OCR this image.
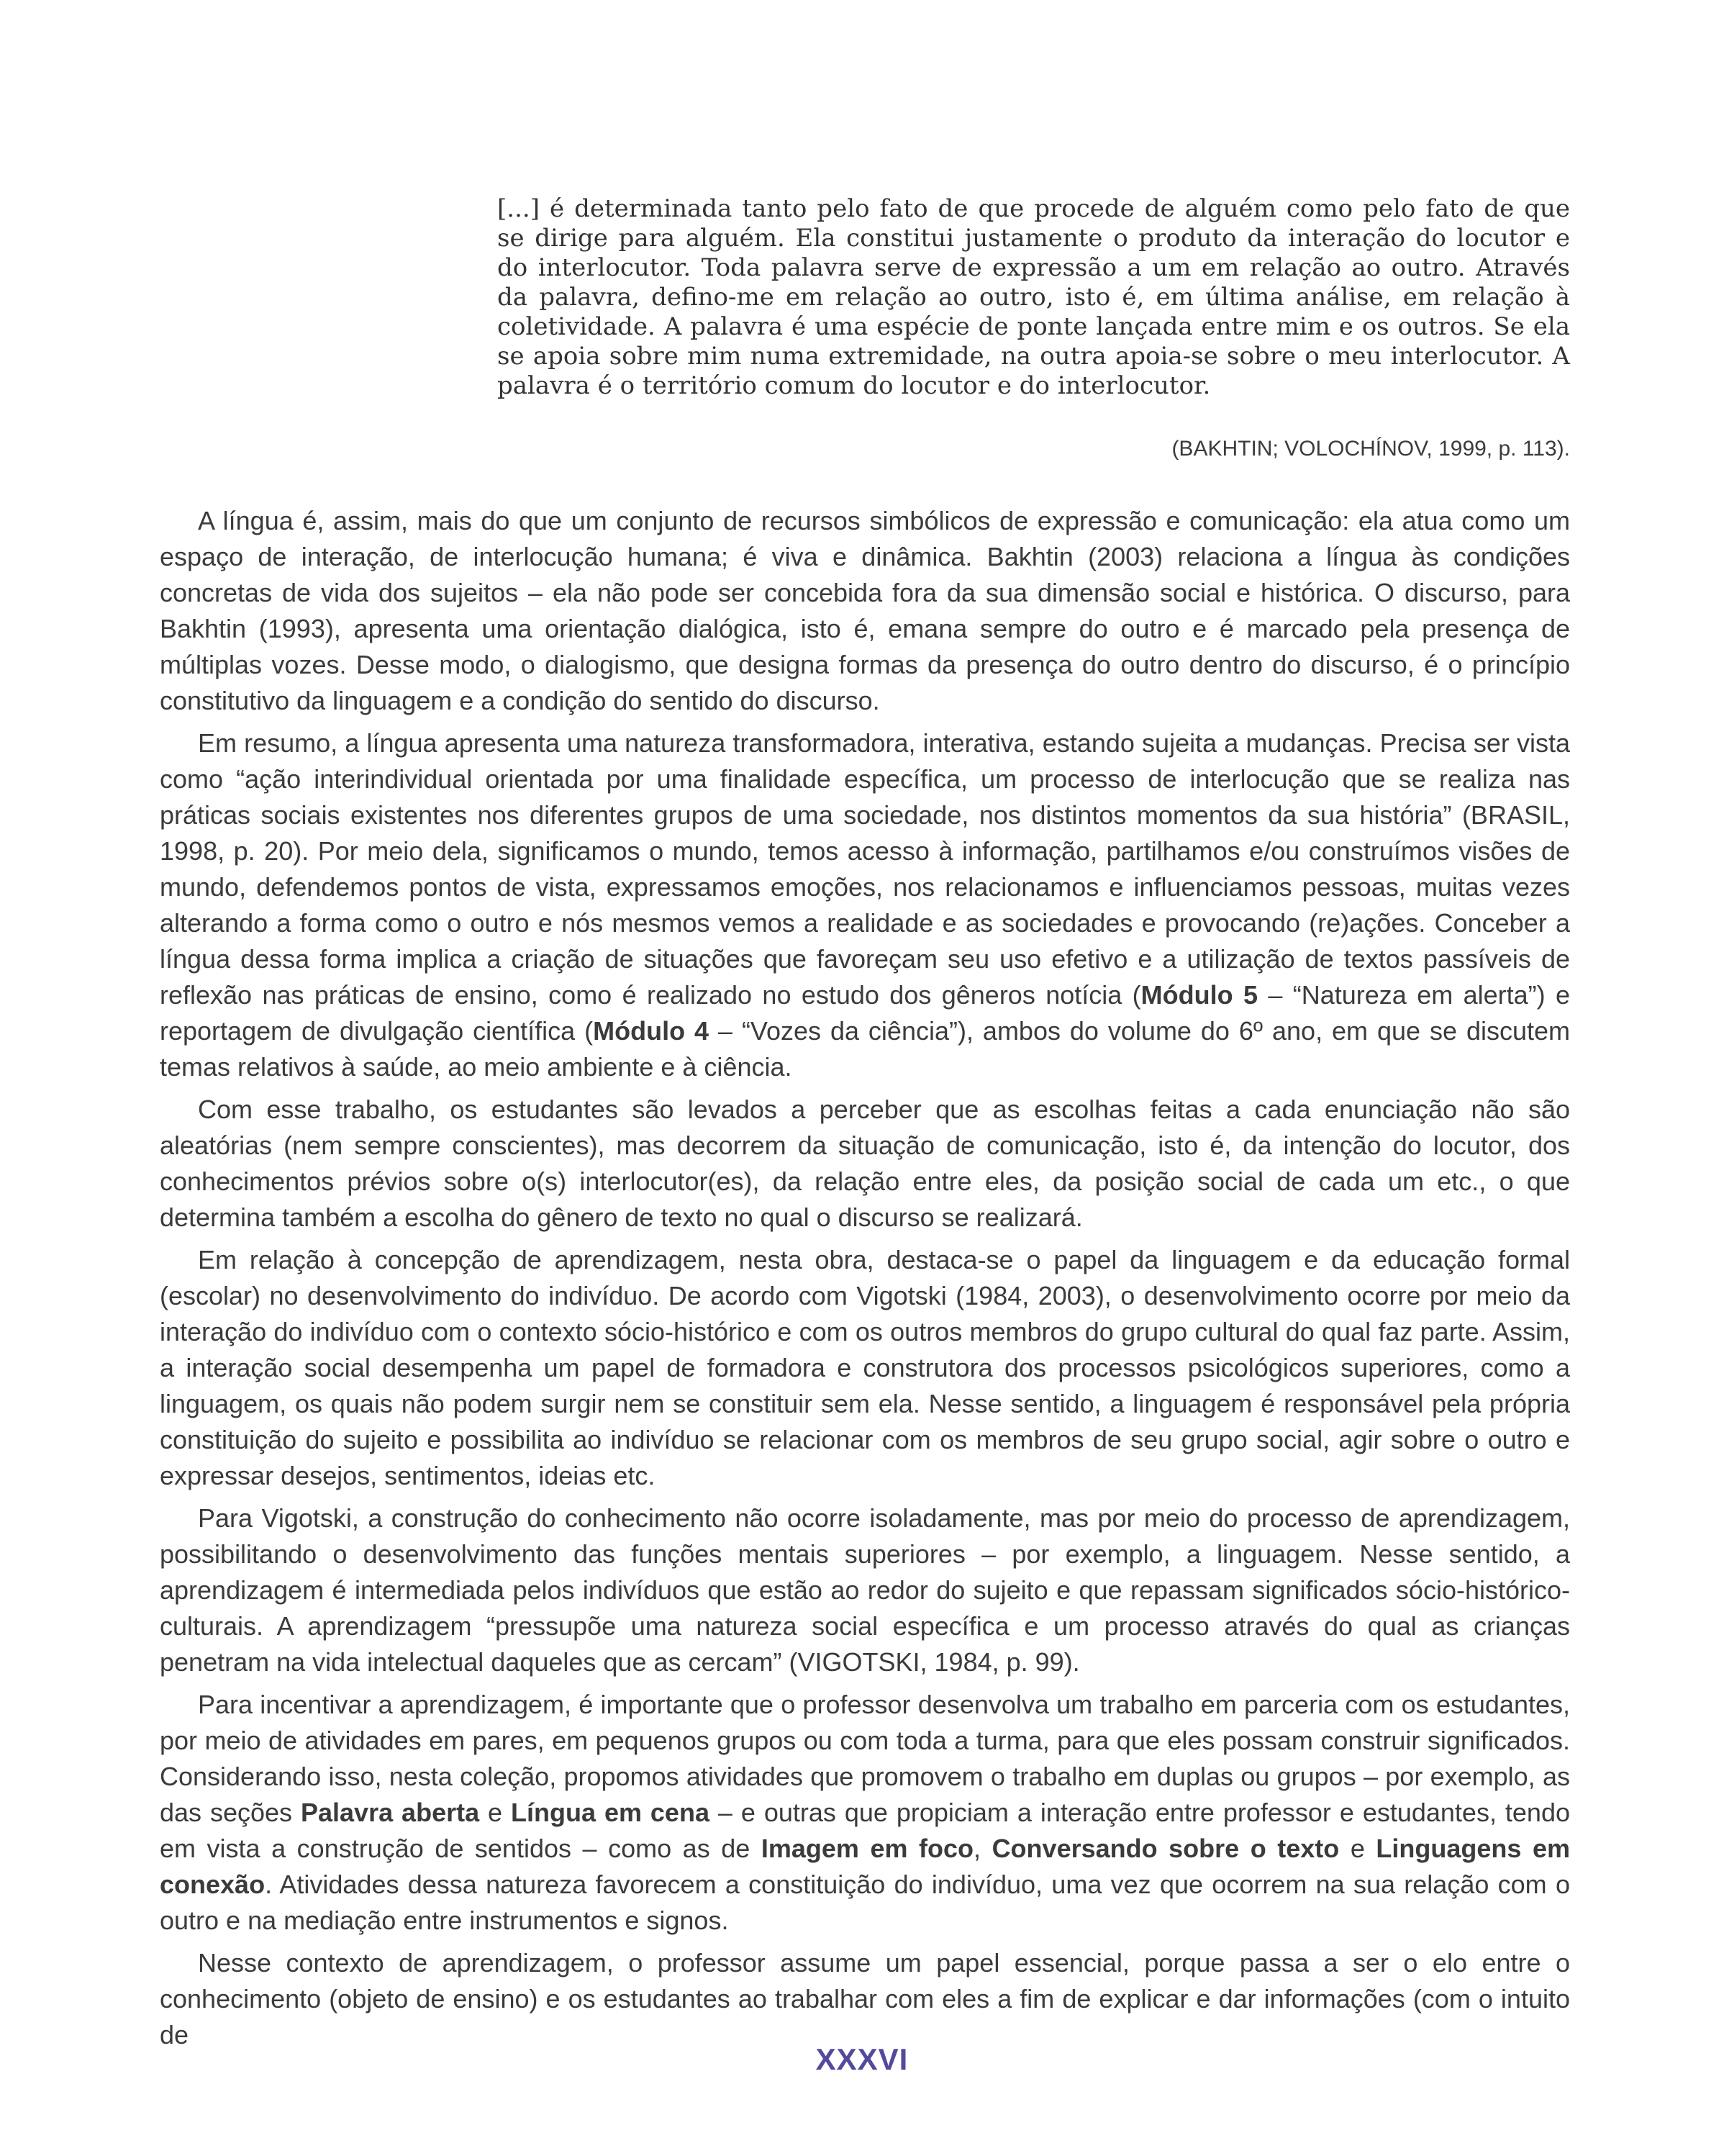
[...] é determinada tanto pelo fato de que procede de alguém como pelo fato de que se dirige para alguém. Ela constitui justamente o produto da interação do locutor e do interlocutor. Toda palavra serve de expressão a um em relação ao outro. Através da palavra, defino-me em relação ao outro, isto é, em última análise, em relação à coletividade. A palavra é uma espécie de ponte lançada entre mim e os outros. Se ela se apoia sobre mim numa extremidade, na outra apoia-se sobre o meu interlocutor. A palavra é o território comum do locutor e do interlocutor.
(BAKHTIN; VOLOCHÍNOV, 1999, p. 113).

A língua é, assim, mais do que um conjunto de recursos simbólicos de expressão e comunicação: ela atua como um espaço de interação, de interlocução humana; é viva e dinâmica. Bakhtin (2003) relaciona a língua às condições concretas de vida dos sujeitos – ela não pode ser concebida fora da sua dimensão social e histórica. O discurso, para Bakhtin (1993), apresenta uma orientação dialógica, isto é, emana sempre do outro e é marcado pela presença de múltiplas vozes. Desse modo, o dialogismo, que designa formas da presença do outro dentro do discurso, é o princípio constitutivo da linguagem e a condição do sentido do discurso.

Em resumo, a língua apresenta uma natureza transformadora, interativa, estando sujeita a mudanças. Precisa ser vista como “ação interindividual orientada por uma finalidade específica, um processo de interlocução que se realiza nas práticas sociais existentes nos diferentes grupos de uma sociedade, nos distintos momentos da sua história” (BRASIL, 1998, p. 20). Por meio dela, significamos o mundo, temos acesso à informação, partilhamos e/ou construímos visões de mundo, defendemos pontos de vista, expressamos emoções, nos relacionamos e influenciamos pessoas, muitas vezes alterando a forma como o outro e nós mesmos vemos a realidade e as sociedades e provocando (re)ações. Conceber a língua dessa forma implica a criação de situações que favoreçam seu uso efetivo e a utilização de textos passíveis de reflexão nas práticas de ensino, como é realizado no estudo dos gêneros notícia (Módulo 5 – “Natureza em alerta”) e reportagem de divulgação científica (Módulo 4 – “Vozes da ciência”), ambos do volume do 6º ano, em que se discutem temas relativos à saúde, ao meio ambiente e à ciência.

Com esse trabalho, os estudantes são levados a perceber que as escolhas feitas a cada enunciação não são aleatórias (nem sempre conscientes), mas decorrem da situação de comunicação, isto é, da intenção do locutor, dos conhecimentos prévios sobre o(s) interlocutor(es), da relação entre eles, da posição social de cada um etc., o que determina também a escolha do gênero de texto no qual o discurso se realizará.

Em relação à concepção de aprendizagem, nesta obra, destaca-se o papel da linguagem e da educação formal (escolar) no desenvolvimento do indivíduo. De acordo com Vigotski (1984, 2003), o desenvolvimento ocorre por meio da interação do indivíduo com o contexto sócio-histórico e com os outros membros do grupo cultural do qual faz parte. Assim, a interação social desempenha um papel de formadora e construtora dos processos psicológicos superiores, como a linguagem, os quais não podem surgir nem se constituir sem ela. Nesse sentido, a linguagem é responsável pela própria constituição do sujeito e possibilita ao indivíduo se relacionar com os membros de seu grupo social, agir sobre o outro e expressar desejos, sentimentos, ideias etc.

Para Vigotski, a construção do conhecimento não ocorre isoladamente, mas por meio do processo de aprendizagem, possibilitando o desenvolvimento das funções mentais superiores – por exemplo, a linguagem. Nesse sentido, a aprendizagem é intermediada pelos indivíduos que estão ao redor do sujeito e que repassam significados sócio-histórico-culturais. A aprendizagem “pressupõe uma natureza social específica e um processo através do qual as crianças penetram na vida intelectual daqueles que as cercam” (VIGOTSKI, 1984, p. 99).

Para incentivar a aprendizagem, é importante que o professor desenvolva um trabalho em parceria com os estudantes, por meio de atividades em pares, em pequenos grupos ou com toda a turma, para que eles possam construir significados. Considerando isso, nesta coleção, propomos atividades que promovem o trabalho em duplas ou grupos – por exemplo, as das seções Palavra aberta e Língua em cena – e outras que propiciam a interação entre professor e estudantes, tendo em vista a construção de sentidos – como as de Imagem em foco, Conversando sobre o texto e Linguagens em conexão. Atividades dessa natureza favorecem a constituição do indivíduo, uma vez que ocorrem na sua relação com o outro e na mediação entre instrumentos e signos.

Nesse contexto de aprendizagem, o professor assume um papel essencial, porque passa a ser o elo entre o conhecimento (objeto de ensino) e os estudantes ao trabalhar com eles a fim de explicar e dar informações (com o intuito de

XXXVI
